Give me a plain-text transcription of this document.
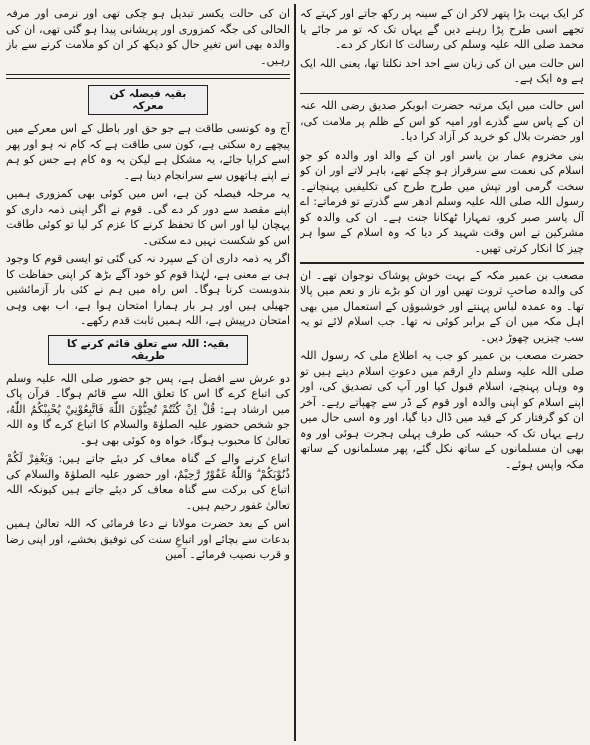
کر ایک بہت بڑا پتھر لاکر ان کے سینہ پر رکھ جاتے اور کہتے کہ تجھے اسی طرح پڑا رہنے دیں گے یہاں تک کہ تو مر جائے یا محمد صلی اللہ علیہ وسلم کی رسالت کا انکار کر دے۔

اس حالت میں ان کی زبان سے احد احد نکلتا تھا، یعنی اللہ ایک ہے وہ ایک ہے۔

اس حالت میں ایک مرتبہ حضرت ابوبکر صدیق رضی اللہ عنہ ان کے پاس سے گذرے اور امیہ کو اس کے ظلم پر ملامت کی، اور حضرت بلال کو خرید کر آزاد کرا دیا۔

بنی مخزوم عمار بن یاسر اور ان کے والد اور والدہ کو جو اسلام کی نعمت سے سرفراز ہو چکے تھے، باہر لاتے اور ان کو سخت گرمی اور تپش میں طرح طرح کی تکلیفیں پہنچاتے۔ رسول اللہ صلی اللہ علیہ وسلم ادھر سے گذرتے تو فرماتے: اے آل یاسر صبر کرو، تمہارا ٹھکانا جنت ہے۔ ان کی والدہ کو مشرکین نے اس وقت شہید کر دیا کہ وہ اسلام کے سوا ہر چیز کا انکار کرتی تھیں۔

مصعب بن عمیر مکہ کے بہت خوش پوشاک نوجوان تھے۔ ان کی والدہ صاحبِ ثروت تھیں اور ان کو بڑے ناز و نعم میں پالا تھا۔ وہ عمدہ لباس پہنتے اور خوشبوؤں کے استعمال میں بھی اہل مکہ میں ان کے برابر کوئی نہ تھا۔ جب اسلام لائے تو یہ سب چیزیں چھوڑ دیں۔

حضرت مصعب بن عمیر کو جب یہ اطلاع ملی کہ رسول اللہ صلی اللہ علیہ وسلم دارِ ارقم میں دعوتِ اسلام دیتے ہیں تو وہ وہاں پہنچے، اسلام قبول کیا اور آپ کی تصدیق کی، اور اپنے اسلام کو اپنی والدہ اور قوم کے ڈر سے چھپاتے رہے۔ آخر ان کو گرفتار کر کے قید میں ڈال دیا گیا، اور وہ اسی حال میں رہے یہاں تک کہ حبشہ کی طرف پہلی ہجرت ہوئی اور وہ بھی ان مسلمانوں کے ساتھ نکل گئے، پھر مسلمانوں کے ساتھ مکہ واپس ہوئے۔

ان کی حالت یکسر تبدیل ہو چکی تھی اور نرمی اور مرفہ الحالی کی جگہ کمزوری اور پریشانی پیدا ہو گئی تھی، ان کی والدہ بھی اس تغیرِ حال کو دیکھ کر ان کو ملامت کرنے سے باز رہیں۔

بقیہ فیصلہ کن معرکہ

آج وہ کونسی طاقت ہے جو حق اور باطل کے اس معرکے میں پیچھے رہ سکتی ہے، کون سی طاقت ہے کہ کام نہ ہو اور پھر اسے کرایا جائے، یہ مشکل ہے لیکن یہ وہ کام ہے جس کو ہم نے اپنے ہاتھوں سے سرانجام دینا ہے۔

یہ مرحلہ فیصلہ کن ہے، اس میں کوئی بھی کمزوری ہمیں اپنے مقصد سے دور کر دے گی۔ قوم نے اگر اپنی ذمہ داری کو پہچان لیا اور اس کا تحفظ کرنے کا عزم کر لیا تو کوئی طاقت اس کو شکست نہیں دے سکتی۔

اگر یہ ذمہ داری ان کے سپرد نہ کی گئی تو ایسی قوم کا وجود ہی بے معنی ہے، لہٰذا قوم کو خود آگے بڑھ کر اپنی حفاظت کا بندوبست کرنا ہوگا۔ اس راہ میں ہم نے کئی بار آزمائشیں جھیلی ہیں اور ہر بار ہمارا امتحان ہوا ہے، اب بھی وہی امتحان درپیش ہے، اللہ ہمیں ثابت قدم رکھے۔

بقیہ: اللہ سے تعلق قائم کرنے کا طریقہ

دو عرش سے افضل ہے، پس جو حضور صلی اللہ علیہ وسلم کی اتباع کرے گا اس کا تعلق اللہ سے قائم ہوگا۔ قرآن پاک میں ارشاد ہے: قُلْ اِنْ كُنْتُمْ تُحِبُّوْنَ اللّٰهَ فَاتَّبِعُوْنِيْ يُحْبِبْكُمُ اللّٰهُ، جو شخص حضور علیہ الصلوٰۃ والسلام کا اتباع کرے گا وہ اللہ تعالیٰ کا محبوب ہوگا، خواہ وہ کوئی بھی ہو۔

اتباع کرنے والے کے گناہ معاف کر دیئے جاتے ہیں: وَيَغْفِرْ لَكُمْ ذُنُوْبَكُمْ ۗ وَاللّٰهُ غَفُوْرٌ رَّحِيْمٌ، اور حضور علیہ الصلوٰۃ والسلام کی اتباع کی برکت سے گناہ معاف کر دیئے جاتے ہیں کیونکہ اللہ تعالیٰ غفور رحیم ہیں۔

اس کے بعد حضرت مولانا نے دعا فرمائی کہ اللہ تعالیٰ ہمیں بدعات سے بچائے اور اتباعِ سنت کی توفیق بخشے، اور اپنی رضا و قرب نصیب فرمائے۔ آمین
